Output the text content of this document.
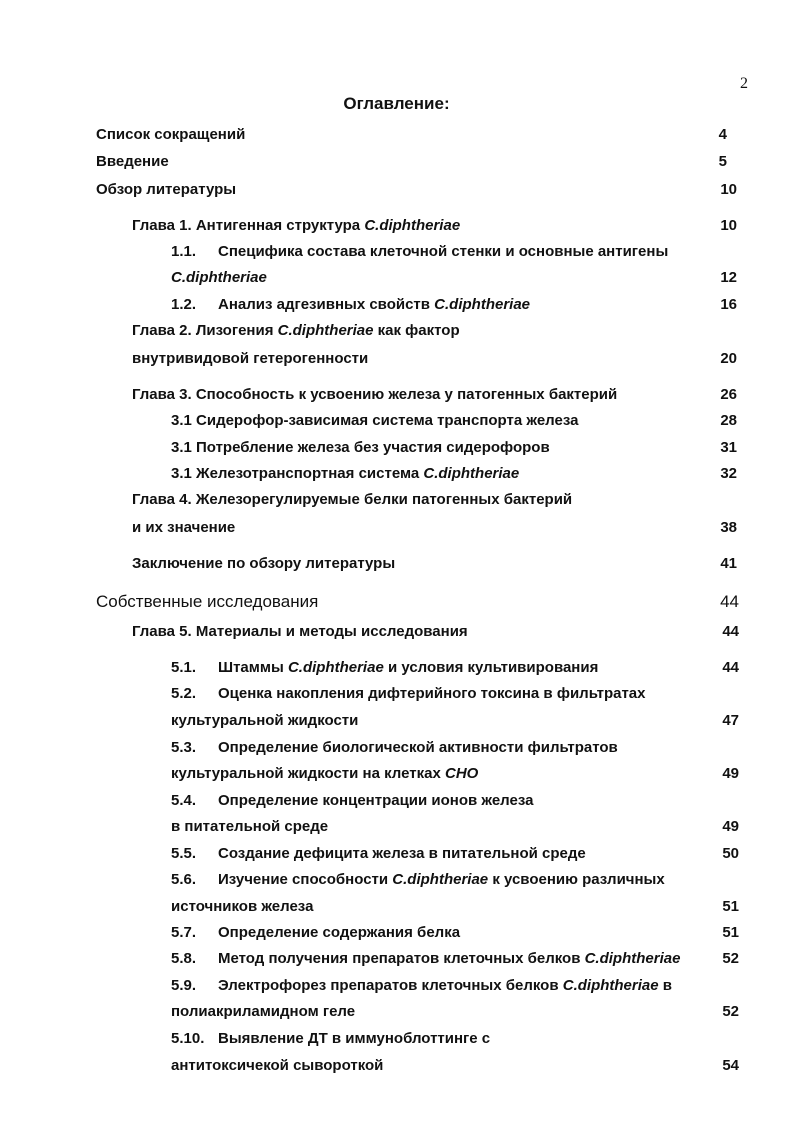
2
Оглавление:
Список сокращений	4
Введение	5
Обзор литературы	10
Глава 1. Антигенная структура C.diphtheriae	10
1.1. Специфика состава клеточной стенки и основные антигены
C.diphtheriae	12
1.2. Анализ адгезивных свойств C.diphtheriae	16
Глава 2. Лизогения C.diphtheriae как фактор
внутривидовой гетерогенности	20
Глава 3. Способность к усвоению железа у патогенных бактерий	26
3.1 Сидерофор-зависимая система транспорта железа	28
3.1 Потребление железа без участия сидерофоров	31
3.1 Железотранспортная система C.diphtheriae	32
Глава 4. Железорегулируемые белки патогенных бактерий
и их значение	38
Заключение по обзору литературы	41
Собственные исследования	44
Глава 5. Материалы и методы исследования	44
5.1. Штаммы C.diphtheriae и условия культивирования	44
5.2. Оценка накопления дифтерийного токсина в фильтратах
культуральной жидкости	47
5.3. Определение биологической активности фильтратов
культуральной жидкости на клетках CHO	49
5.4. Определение концентрации ионов железа
в питательной среде	49
5.5. Создание дефицита железа в питательной среде	50
5.6. Изучение способности C.diphtheriae к усвоению различных
источников железа	51
5.7. Определение содержания белка	51
5.8. Метод получения препаратов клеточных белков C.diphtheriae	52
5.9. Электрофорез препаратов клеточных белков C.diphtheriae в
полиакриламидном геле	52
5.10. Выявление ДТ в иммуноблоттинге с
антитоксичекой сывороткой	54
